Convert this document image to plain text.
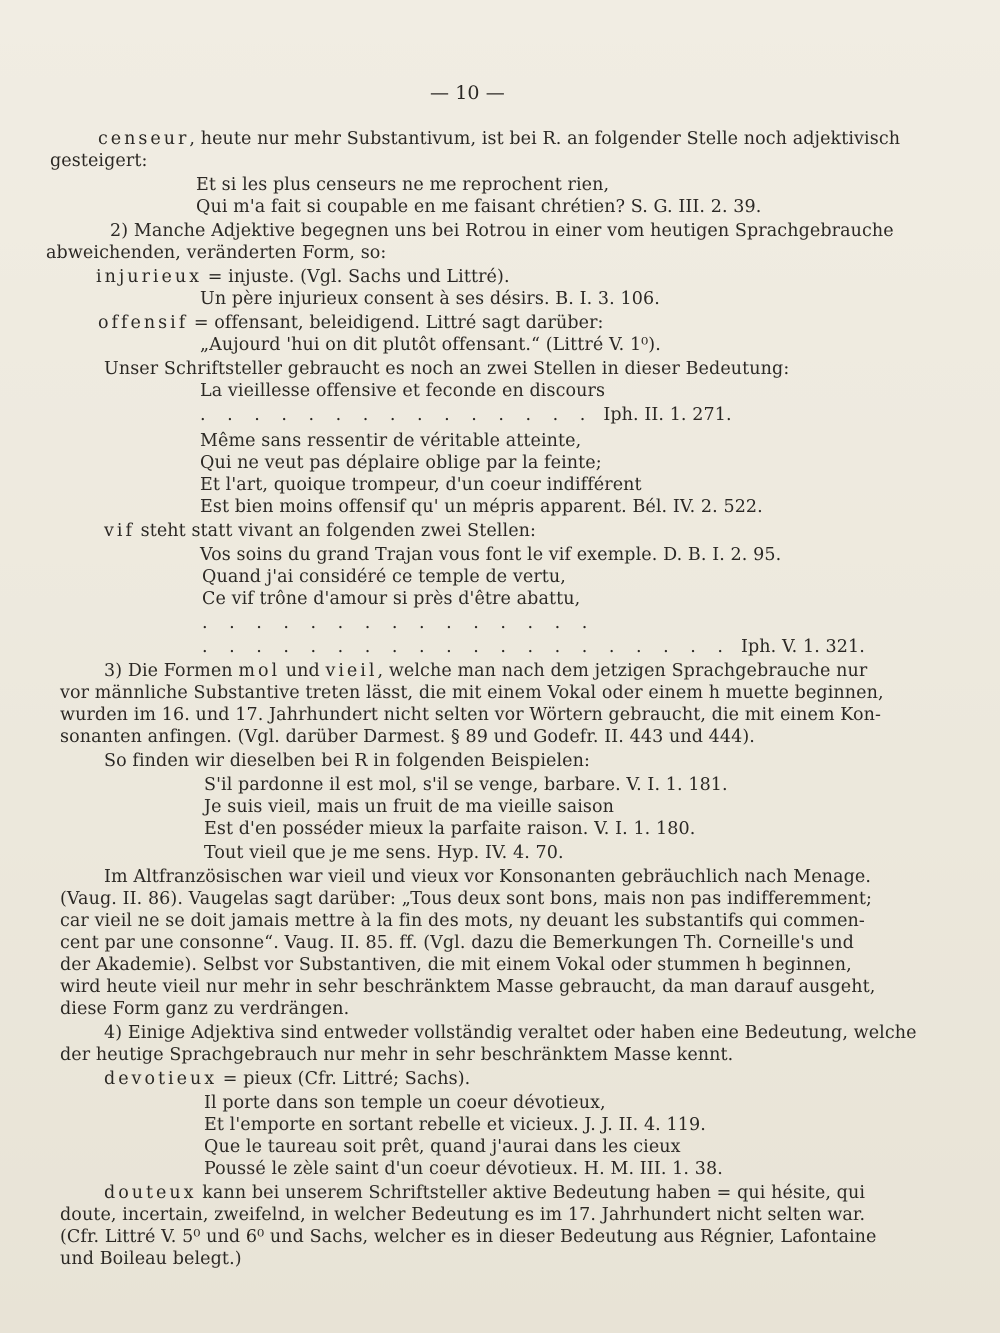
— 10 —
censeur, heute nur mehr Substantivum, ist bei R. an folgender Stelle noch adjektivisch
gesteigert:
Et si les plus censeurs ne me reprochent rien,
Qui m'a fait si coupable en me faisant chrétien? S. G. III. 2. 39.
2) Manche Adjektive begegnen uns bei Rotrou in einer vom heutigen Sprachgebrauche
abweichenden, veränderten Form, so:
injurieux = injuste. (Vgl. Sachs und Littré).
Un père injurieux consent à ses désirs. B. I. 3. 106.
offensif = offensant, beleidigend. Littré sagt darüber:
„Aujourd 'hui on dit plutôt offensant.“ (Littré V. 1⁰).
Unser Schriftsteller gebraucht es noch an zwei Stellen in dieser Bedeutung:
La vieillesse offensive et feconde en discours
. . . . . . . . . . . . . . . Iph. II. 1. 271.
Même sans ressentir de véritable atteinte,
Qui ne veut pas déplaire oblige par la feinte;
Et l'art, quoique trompeur, d'un coeur indifférent
Est bien moins offensif qu' un mépris apparent. Bél. IV. 2. 522.
vif steht statt vivant an folgenden zwei Stellen:
Vos soins du grand Trajan vous font le vif exemple. D. B. I. 2. 95.
Quand j'ai considéré ce temple de vertu,
Ce vif trône d'amour si près d'être abattu,
. . . . . . . . . . . . . . .
. . . . . . . . . . . . . . . . . . . . Iph. V. 1. 321.
3) Die Formen mol und vieil, welche man nach dem jetzigen Sprachgebrauche nur
vor männliche Substantive treten lässt, die mit einem Vokal oder einem h muette beginnen,
wurden im 16. und 17. Jahrhundert nicht selten vor Wörtern gebraucht, die mit einem Kon-
sonanten anfingen. (Vgl. darüber Darmest. § 89 und Godefr. II. 443 und 444).
So finden wir dieselben bei R in folgenden Beispielen:
S'il pardonne il est mol, s'il se venge, barbare. V. I. 1. 181.
Je suis vieil, mais un fruit de ma vieille saison
Est d'en posséder mieux la parfaite raison. V. I. 1. 180.
Tout vieil que je me sens. Hyp. IV. 4. 70.
Im Altfranzösischen war vieil und vieux vor Konsonanten gebräuchlich nach Menage.
(Vaug. II. 86). Vaugelas sagt darüber: „Tous deux sont bons, mais non pas indifferemment;
car vieil ne se doit jamais mettre à la fin des mots, ny deuant les substantifs qui commen-
cent par une consonne“. Vaug. II. 85. ff. (Vgl. dazu die Bemerkungen Th. Corneille's und
der Akademie). Selbst vor Substantiven, die mit einem Vokal oder stummen h beginnen,
wird heute vieil nur mehr in sehr beschränktem Masse gebraucht, da man darauf ausgeht,
diese Form ganz zu verdrängen.
4) Einige Adjektiva sind entweder vollständig veraltet oder haben eine Bedeutung, welche
der heutige Sprachgebrauch nur mehr in sehr beschränktem Masse kennt.
devotieux = pieux (Cfr. Littré; Sachs).
Il porte dans son temple un coeur dévotieux,
Et l'emporte en sortant rebelle et vicieux. J. J. II. 4. 119.
Que le taureau soit prêt, quand j'aurai dans les cieux
Poussé le zèle saint d'un coeur dévotieux. H. M. III. 1. 38.
douteux kann bei unserem Schriftsteller aktive Bedeutung haben = qui hésite, qui
doute, incertain, zweifelnd, in welcher Bedeutung es im 17. Jahrhundert nicht selten war.
(Cfr. Littré V. 5⁰ und 6⁰ und Sachs, welcher es in dieser Bedeutung aus Régnier, Lafontaine
und Boileau belegt.)
